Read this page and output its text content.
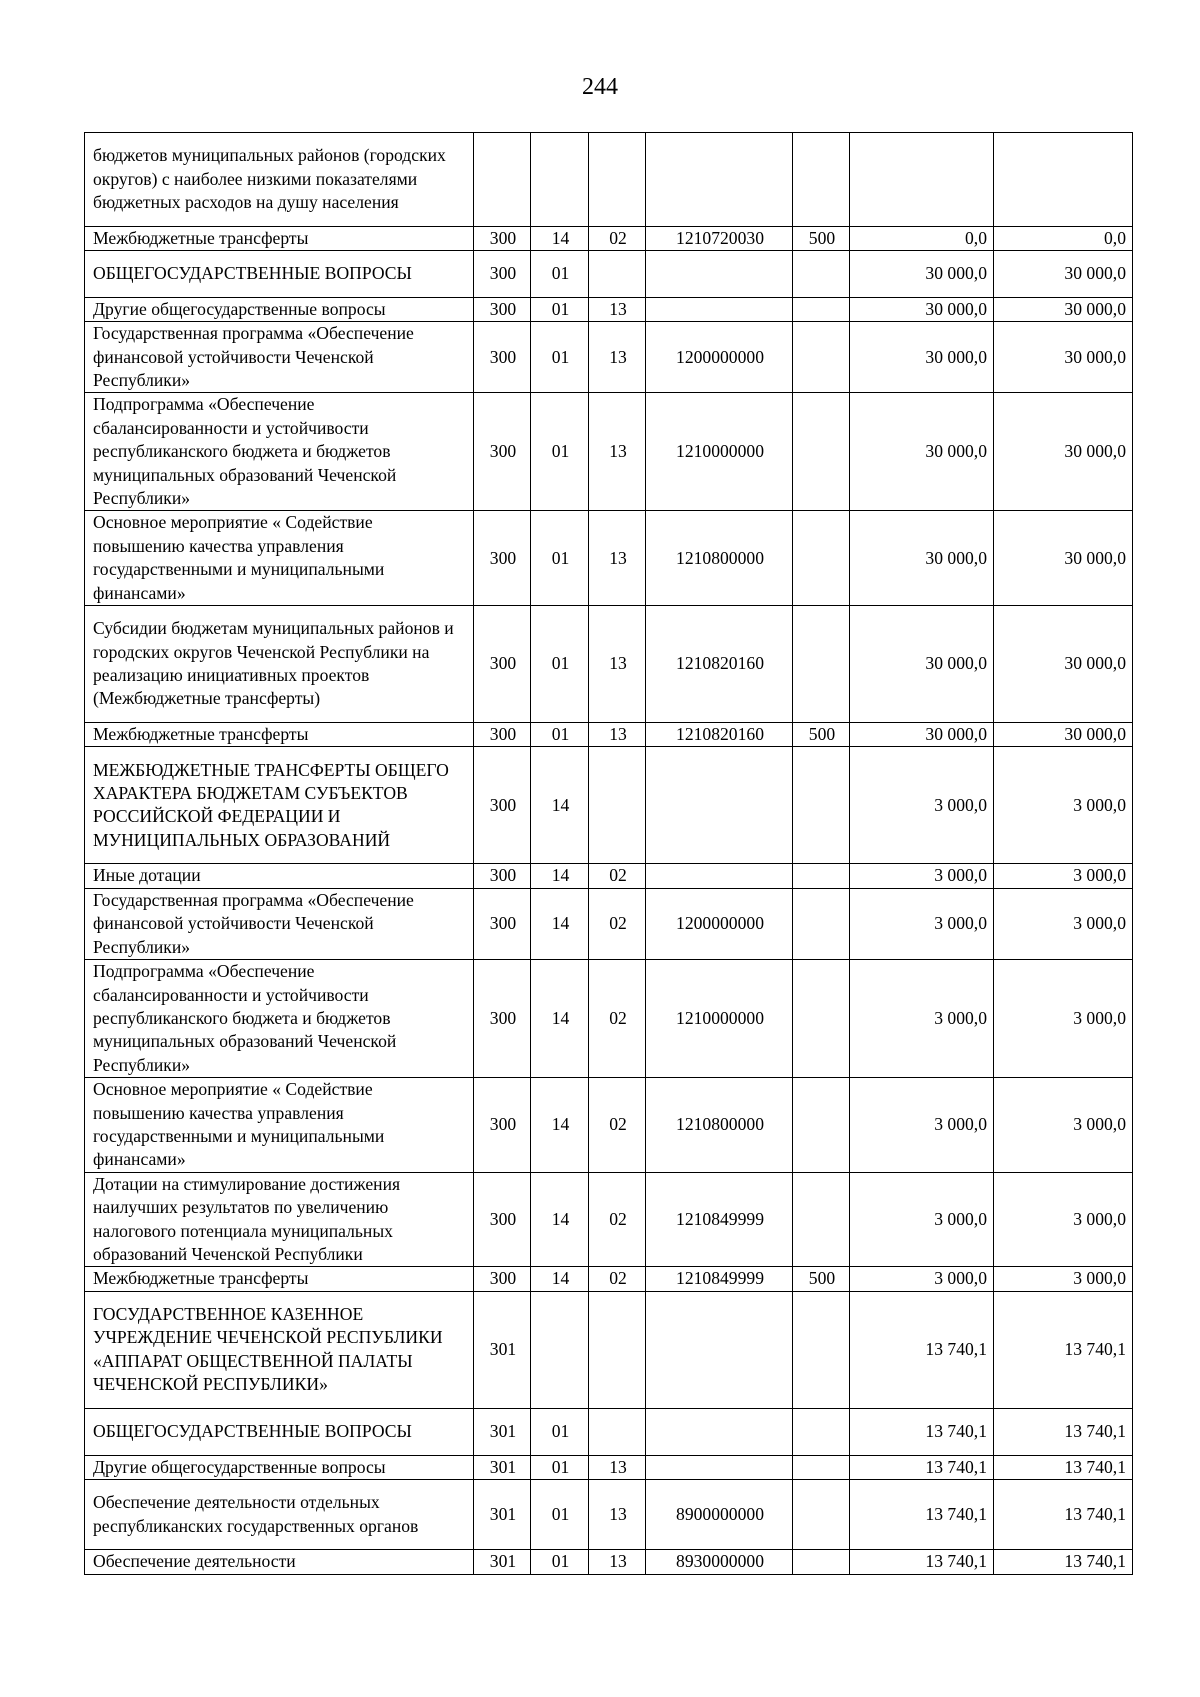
244
бюджетов муниципальных районов (городских округов) с наиболее низкими показателями бюджетных расходов на душу населения							
Межбюджетные трансферты	300	14	02	1210720030	500	0,0	0,0
ОБЩЕГОСУДАРСТВЕННЫЕ ВОПРОСЫ	300	01				30 000,0	30 000,0
Другие общегосударственные вопросы	300	01	13			30 000,0	30 000,0
Государственная программа «Обеспечение финансовой устойчивости Чеченской Республики»	300	01	13	1200000000		30 000,0	30 000,0
Подпрограмма «Обеспечение сбалансированности и устойчивости республиканского бюджета и бюджетов муниципальных образований Чеченской Республики»	300	01	13	1210000000		30 000,0	30 000,0
Основное мероприятие « Содействие повышению качества управления государственными и муниципальными финансами»	300	01	13	1210800000		30 000,0	30 000,0
Субсидии бюджетам муниципальных районов и городских округов Чеченской Республики на реализацию инициативных проектов (Межбюджетные трансферты)	300	01	13	1210820160		30 000,0	30 000,0
Межбюджетные трансферты	300	01	13	1210820160	500	30 000,0	30 000,0
МЕЖБЮДЖЕТНЫЕ ТРАНСФЕРТЫ ОБЩЕГО ХАРАКТЕРА БЮДЖЕТАМ СУБЪЕКТОВ РОССИЙСКОЙ ФЕДЕРАЦИИ И МУНИЦИПАЛЬНЫХ ОБРАЗОВАНИЙ	300	14				3 000,0	3 000,0
Иные дотации	300	14	02			3 000,0	3 000,0
Государственная программа «Обеспечение финансовой устойчивости Чеченской Республики»	300	14	02	1200000000		3 000,0	3 000,0
Подпрограмма «Обеспечение сбалансированности и устойчивости республиканского бюджета и бюджетов муниципальных образований Чеченской Республики»	300	14	02	1210000000		3 000,0	3 000,0
Основное мероприятие « Содействие повышению качества управления государственными и муниципальными финансами»	300	14	02	1210800000		3 000,0	3 000,0
Дотации на стимулирование достижения наилучших результатов по увеличению налогового потенциала муниципальных образований Чеченской Республики	300	14	02	1210849999		3 000,0	3 000,0
Межбюджетные трансферты	300	14	02	1210849999	500	3 000,0	3 000,0
ГОСУДАРСТВЕННОЕ КАЗЕННОЕ УЧРЕЖДЕНИЕ ЧЕЧЕНСКОЙ РЕСПУБЛИКИ «АППАРАТ ОБЩЕСТВЕННОЙ ПАЛАТЫ ЧЕЧЕНСКОЙ РЕСПУБЛИКИ»	301					13 740,1	13 740,1
ОБЩЕГОСУДАРСТВЕННЫЕ ВОПРОСЫ	301	01				13 740,1	13 740,1
Другие общегосударственные вопросы	301	01	13			13 740,1	13 740,1
Обеспечение деятельности отдельных республиканских государственных органов	301	01	13	8900000000		13 740,1	13 740,1
Обеспечение деятельности	301	01	13	8930000000		13 740,1	13 740,1
